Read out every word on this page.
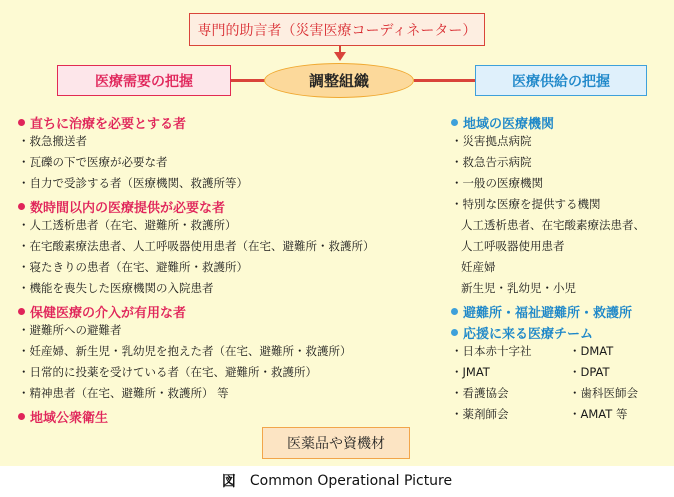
専門的助言者（災害医療コーディネーター）
医療需要の把握	調整組織	医療供給の把握
直ちに治療を必要とする者
・救急搬送者
・瓦礫の下で医療が必要な者
・自力で受診する者（医療機関、救護所等）
数時間以内の医療提供が必要な者
・人工透析患者（在宅、避難所・救護所）
・在宅酸素療法患者、人工呼吸器使用患者（在宅、避難所・救護所）
・寝たきりの患者（在宅、避難所・救護所）
・機能を喪失した医療機関の入院患者
保健医療の介入が有用な者
・避難所への避難者
・妊産婦、新生児・乳幼児を抱えた者（在宅、避難所・救護所）
・日常的に投薬を受けている者（在宅、避難所・救護所）
・精神患者（在宅、避難所・救護所） 等
地域公衆衛生
地域の医療機関
・災害拠点病院
・救急告示病院
・一般の医療機関
・特別な医療を提供する機関
人工透析患者、在宅酸素療法患者、
人工呼吸器使用患者
妊産婦
新生児・乳幼児・小児
避難所・福祉避難所・救護所
応援に来る医療チーム
・日本赤十字社	・DMAT
・JMAT	・DPAT
・看護協会	・歯科医師会
・薬剤師会	・AMAT 等
医薬品や資機材
図 Common Operational Picture
